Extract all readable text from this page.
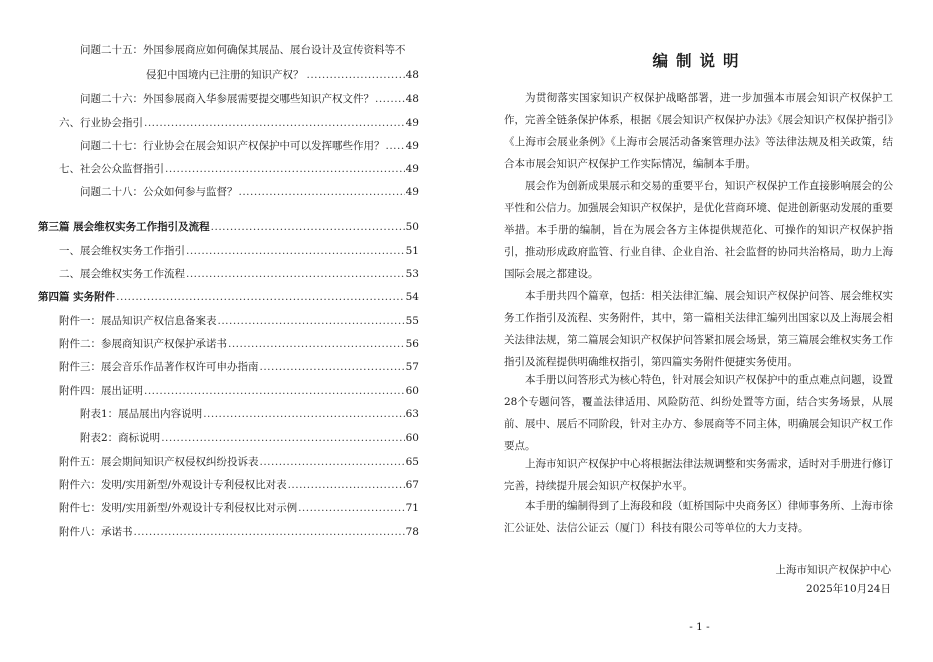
问题二十五：外国参展商应如何确保其展品、展台设计及宣传资料等不
侵犯中国境内已注册的知识产权？ .....	48
问题二十六：外国参展商入华参展需要提交哪些知识产权文件？ .....	48
六、行业协会指引 .....	49
问题二十七：行业协会在展会知识产权保护中可以发挥哪些作用？ ..... 49
七、社会公众监督指引 .....	49
问题二十八：公众如何参与监督？ .....	49
第三篇 展会维权实务工作指引及流程 .....	50
一、展会维权实务工作指引 .....	51
二、展会维权实务工作流程 .....	53
第四篇 实务附件 .....	54
附件一：展品知识产权信息备案表 .....	55
附件二：参展商知识产权保护承诺书 .....	56
附件三：展会音乐作品著作权许可申办指南 .....	57
附件四：展出证明 .....	60
附表1：展品展出内容说明 .....	63
附表2：商标说明 .....	60
附件五：展会期间知识产权侵权纠纷投诉表 .....	65
附件六：发明/实用新型/外观设计专利侵权比对表 .....	67
附件七：发明/实用新型/外观设计专利侵权比对示例 .....	71
附件八：承诺书 .....	78
编制说明

为贯彻落实国家知识产权保护战略部署，进一步加强本市展会知识产权保护工作，完善全链条保护体系，根据《展会知识产权保护办法》《展会知识产权保护指引》《上海市会展业条例》《上海市会展活动备案管理办法》等法律法规及相关政策，结合本市展会知识产权保护工作实际情况，编制本手册。

展会作为创新成果展示和交易的重要平台，知识产权保护工作直接影响展会的公平性和公信力。加强展会知识产权保护，是优化营商环境、促进创新驱动发展的重要举措。本手册的编制，旨在为展会各方主体提供规范化、可操作的知识产权保护指引，推动形成政府监管、行业自律、企业自治、社会监督的协同共治格局，助力上海国际会展之都建设。

本手册共四个篇章，包括：相关法律汇编、展会知识产权保护问答、展会维权实务工作指引及流程、实务附件，其中，第一篇相关法律汇编列出国家以及上海展会相关法律法规，第二篇展会知识产权保护问答紧扣展会场景，第三篇展会维权实务工作指引及流程提供明确维权指引，第四篇实务附件便捷实务使用。

本手册以问答形式为核心特色，针对展会知识产权保护中的重点难点问题，设置28个专题问答，覆盖法律适用、风险防范、纠纷处置等方面，结合实务场景，从展前、展中、展后不同阶段，针对主办方、参展商等不同主体，明确展会知识产权工作要点。

上海市知识产权保护中心将根据法律法规调整和实务需求，适时对手册进行修订完善，持续提升展会知识产权保护水平。

本手册的编制得到了上海段和段（虹桥国际中央商务区）律师事务所、上海市徐汇公证处、法信公证云（厦门）科技有限公司等单位的大力支持。

上海市知识产权保护中心
2025年10月24日
- 1 -
